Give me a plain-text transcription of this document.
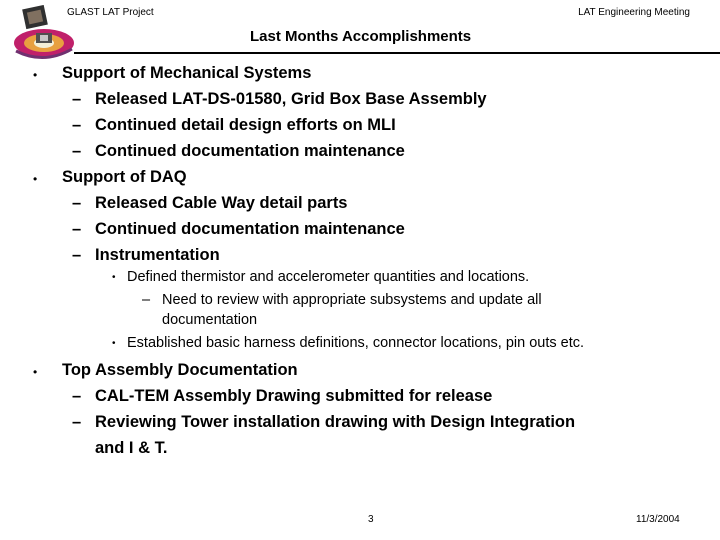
GLAST LAT Project	LAT Engineering Meeting
Last Months Accomplishments
• Support of Mechanical Systems
– Released LAT-DS-01580, Grid Box Base Assembly
– Continued detail design efforts on MLI
– Continued documentation maintenance
• Support of DAQ
– Released Cable Way detail parts
– Continued documentation maintenance
– Instrumentation
• Defined thermistor and accelerometer quantities and locations.
– Need to review with appropriate subsystems and update all
documentation
• Established basic harness definitions, connector locations, pin outs etc.
• Top Assembly Documentation
– CAL-TEM Assembly Drawing submitted for release
– Reviewing Tower installation drawing with Design Integration
and I & T.
3	11/3/2004
